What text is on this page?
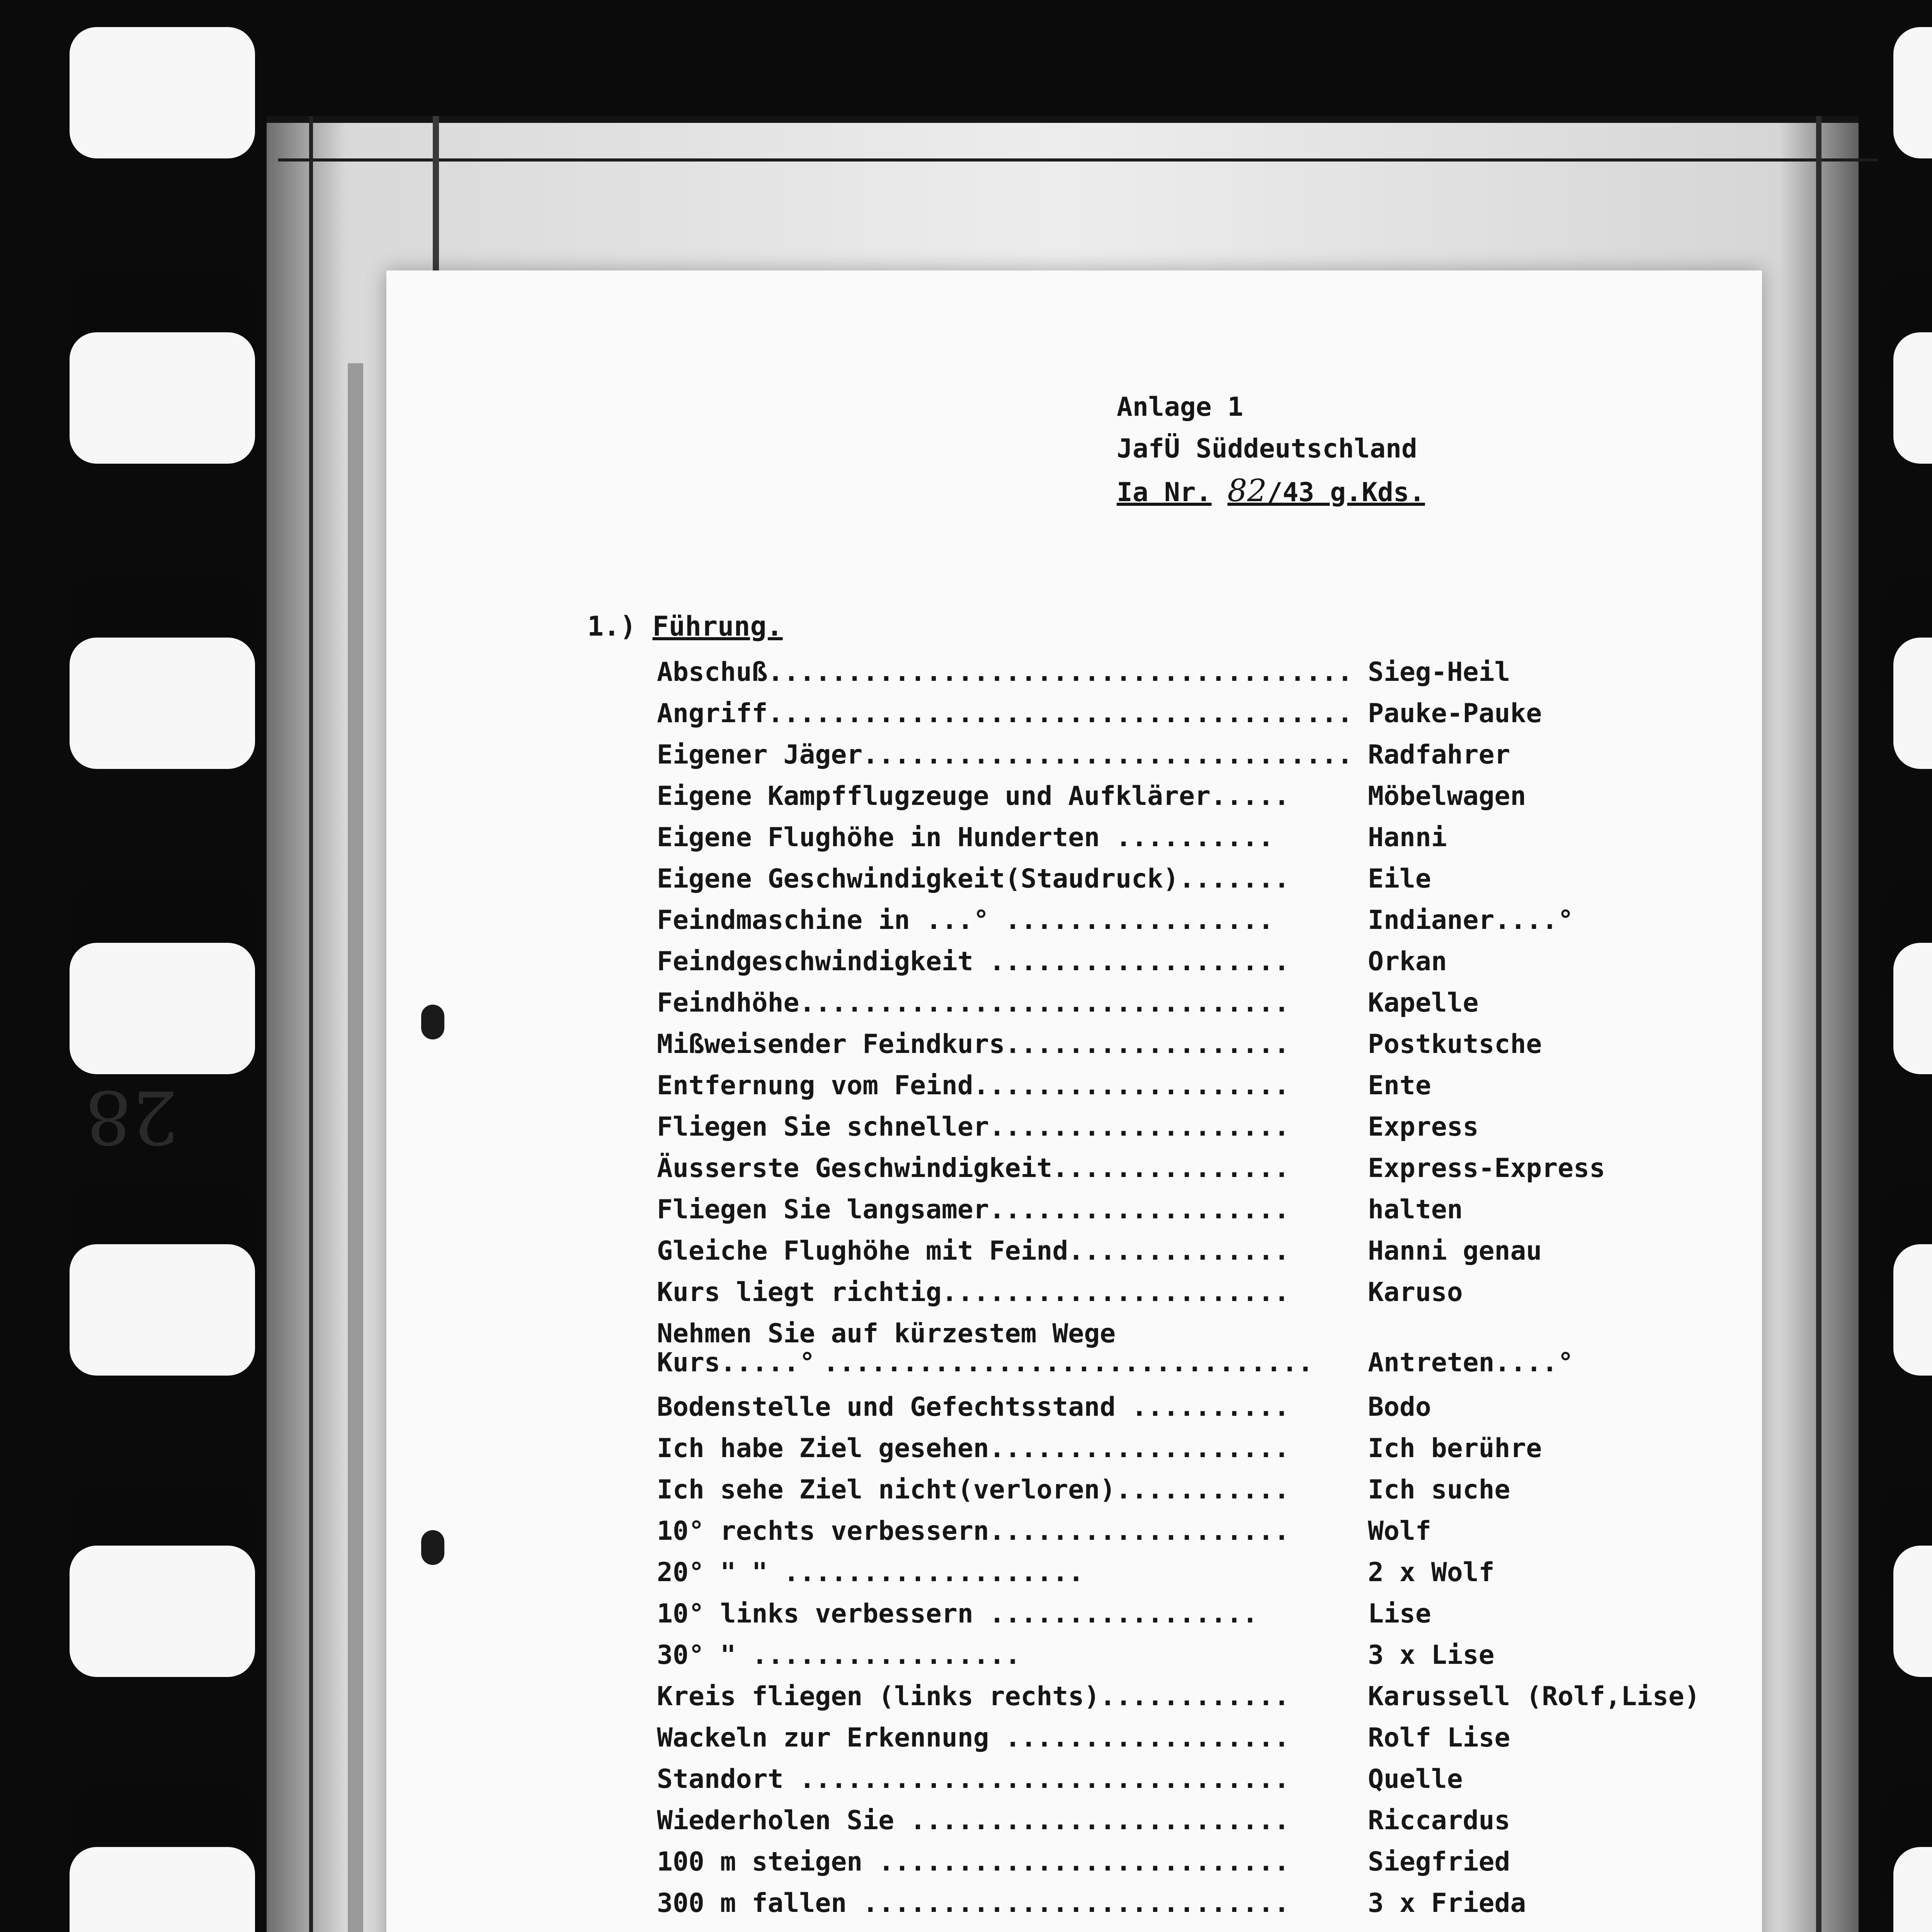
28
Anlage 1
JafÜ Süddeutschland
Ia Nr. 82/43 g.Kds.
1.) Führung.
Abschuß..................................... Sieg-Heil
Angriff..................................... Pauke-Pauke
Eigener Jäger............................... Radfahrer
Eigene Kampfflugzeuge und Aufklärer.....	Möbelwagen
Eigene Flughöhe in Hunderten ..........	Hanni
Eigene Geschwindigkeit(Staudruck).......	Eile
Feindmaschine in ...° .................	Indianer....°
Feindgeschwindigkeit ...................	Orkan
Feindhöhe...............................	Kapelle
Mißweisender Feindkurs..................	Postkutsche
Entfernung vom Feind....................	Ente
Fliegen Sie schneller...................	Express
Äusserste Geschwindigkeit...............	Express-Express
Fliegen Sie langsamer...................	halten
Gleiche Flughöhe mit Feind..............	Hanni genau
Kurs liegt richtig......................	Karuso
Nehmen Sie auf kürzestem Wege
Kurs.....° ............................... Antreten....°
Bodenstelle und Gefechtsstand ..........	Bodo
Ich habe Ziel gesehen...................	Ich berühre
Ich sehe Ziel nicht(verloren)...........	Ich suche
10° rechts verbessern...................	Wolf
20° " " ...................	2 x Wolf
10° links verbessern .................	Lise
30° " .................	3 x Lise
Kreis fliegen (links rechts)............	Karussell (Rolf,Lise)
Wackeln zur Erkennung ..................	Rolf Lise
Standort ...............................	Quelle
Wiederholen Sie ........................	Riccardus
100 m steigen ..........................	Siegfried
300 m fallen ...........................	3 x Frieda
